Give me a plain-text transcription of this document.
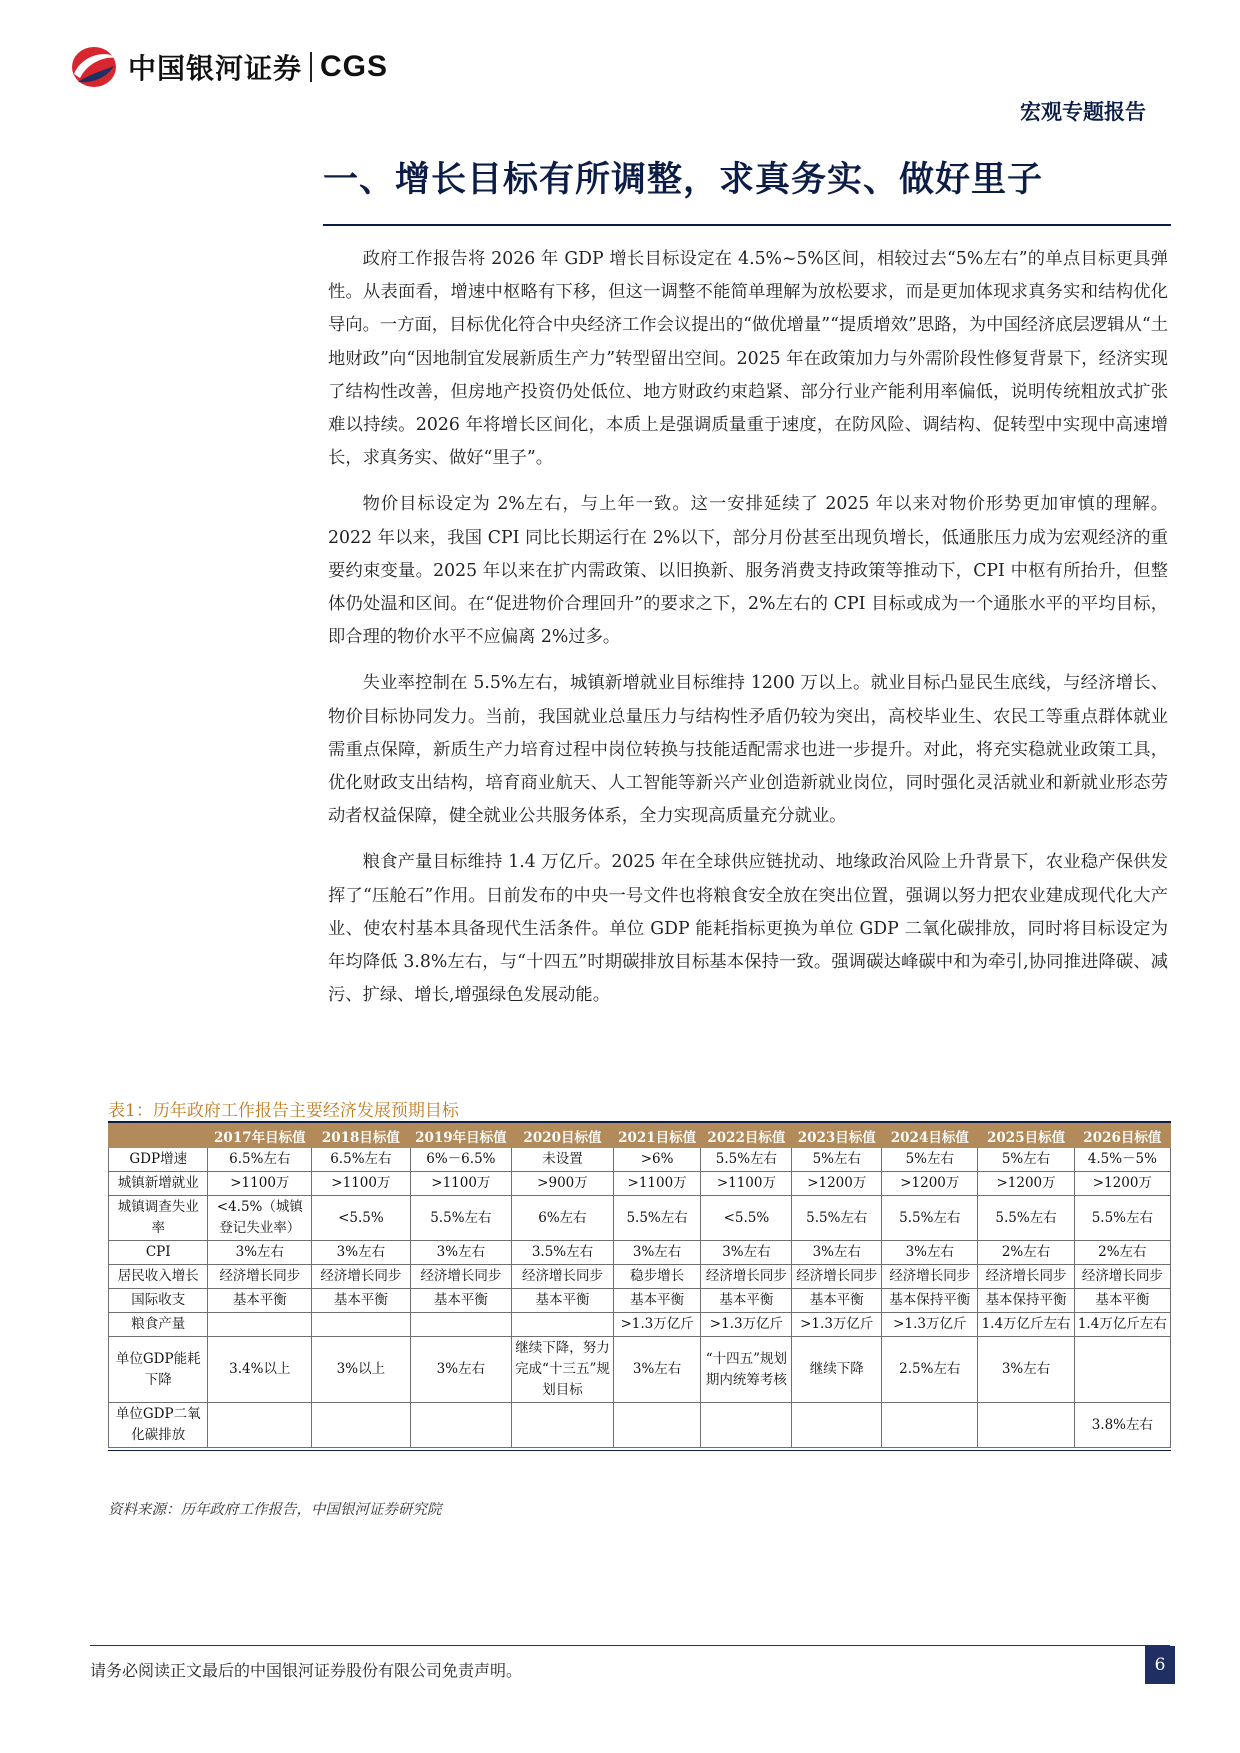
中国银河证券 CGS
宏观专题报告
一、增长目标有所调整，求真务实、做好里子

政府工作报告将 2026 年 GDP 增长目标设定在 4.5%~5%区间，相较过去“5%左右”的单点目标更具弹性。从表面看，增速中枢略有下移，但这一调整不能简单理解为放松要求，而是更加体现求真务实和结构优化导向。一方面，目标优化符合中央经济工作会议提出的“做优增量”“提质增效”思路，为中国经济底层逻辑从“土地财政”向“因地制宜发展新质生产力”转型留出空间。2025 年在政策加力与外需阶段性修复背景下，经济实现了结构性改善，但房地产投资仍处低位、地方财政约束趋紧、部分行业产能利用率偏低，说明传统粗放式扩张难以持续。2026 年将增长区间化，本质上是强调质量重于速度，在防风险、调结构、促转型中实现中高速增长，求真务实、做好“里子”。

物价目标设定为 2%左右，与上年一致。这一安排延续了 2025 年以来对物价形势更加审慎的理解。2022 年以来，我国 CPI 同比长期运行在 2%以下，部分月份甚至出现负增长，低通胀压力成为宏观经济的重要约束变量。2025 年以来在扩内需政策、以旧换新、服务消费支持政策等推动下，CPI 中枢有所抬升，但整体仍处温和区间。在“促进物价合理回升”的要求之下，2%左右的 CPI 目标或成为一个通胀水平的平均目标，即合理的物价水平不应偏离 2%过多。

失业率控制在 5.5%左右，城镇新增就业目标维持 1200 万以上。就业目标凸显民生底线，与经济增长、物价目标协同发力。当前，我国就业总量压力与结构性矛盾仍较为突出，高校毕业生、农民工等重点群体就业需重点保障，新质生产力培育过程中岗位转换与技能适配需求也进一步提升。对此，将充实稳就业政策工具，优化财政支出结构，培育商业航天、人工智能等新兴产业创造新就业岗位，同时强化灵活就业和新就业形态劳动者权益保障，健全就业公共服务体系，全力实现高质量充分就业。

粮食产量目标维持 1.4 万亿斤。2025 年在全球供应链扰动、地缘政治风险上升背景下，农业稳产保供发挥了“压舱石”作用。日前发布的中央一号文件也将粮食安全放在突出位置，强调以努力把农业建成现代化大产业、使农村基本具备现代生活条件。单位 GDP 能耗指标更换为单位 GDP 二氧化碳排放，同时将目标设定为年均降低 3.8%左右，与“十四五”时期碳排放目标基本保持一致。强调碳达峰碳中和为牵引,协同推进降碳、减污、扩绿、增长,增强绿色发展动能。

表1：历年政府工作报告主要经济发展预期目标
	2017年目标值	2018目标值	2019年目标值	2020目标值	2021目标值	2022目标值	2023目标值	2024目标值	2025目标值	2026目标值
GDP增速	6.5%左右	6.5%左右	6%－6.5%	未设置	>6%	5.5%左右	5%左右	5%左右	5%左右	4.5%－5%
城镇新增就业	>1100万	>1100万	>1100万	>900万	>1100万	>1100万	>1200万	>1200万	>1200万	>1200万
城镇调查失业率	<4.5%（城镇登记失业率）	<5.5%	5.5%左右	6%左右	5.5%左右	<5.5%	5.5%左右	5.5%左右	5.5%左右	5.5%左右
CPI	3%左右	3%左右	3%左右	3.5%左右	3%左右	3%左右	3%左右	3%左右	2%左右	2%左右
居民收入增长	经济增长同步	经济增长同步	经济增长同步	经济增长同步	稳步增长	经济增长同步	经济增长同步	经济增长同步	经济增长同步	经济增长同步
国际收支	基本平衡	基本平衡	基本平衡	基本平衡	基本平衡	基本平衡	基本平衡	基本保持平衡	基本保持平衡	基本平衡
粮食产量					>1.3万亿斤	>1.3万亿斤	>1.3万亿斤	>1.3万亿斤	1.4万亿斤左右	1.4万亿斤左右
单位GDP能耗下降	3.4%以上	3%以上	3%左右	继续下降，努力完成“十三五”规划目标	3%左右	“十四五”规划期内统筹考核	继续下降	2.5%左右	3%左右	
单位GDP二氧化碳排放										3.8%左右
资料来源：历年政府工作报告，中国银河证券研究院
请务必阅读正文最后的中国银河证券股份有限公司免责声明。	6
